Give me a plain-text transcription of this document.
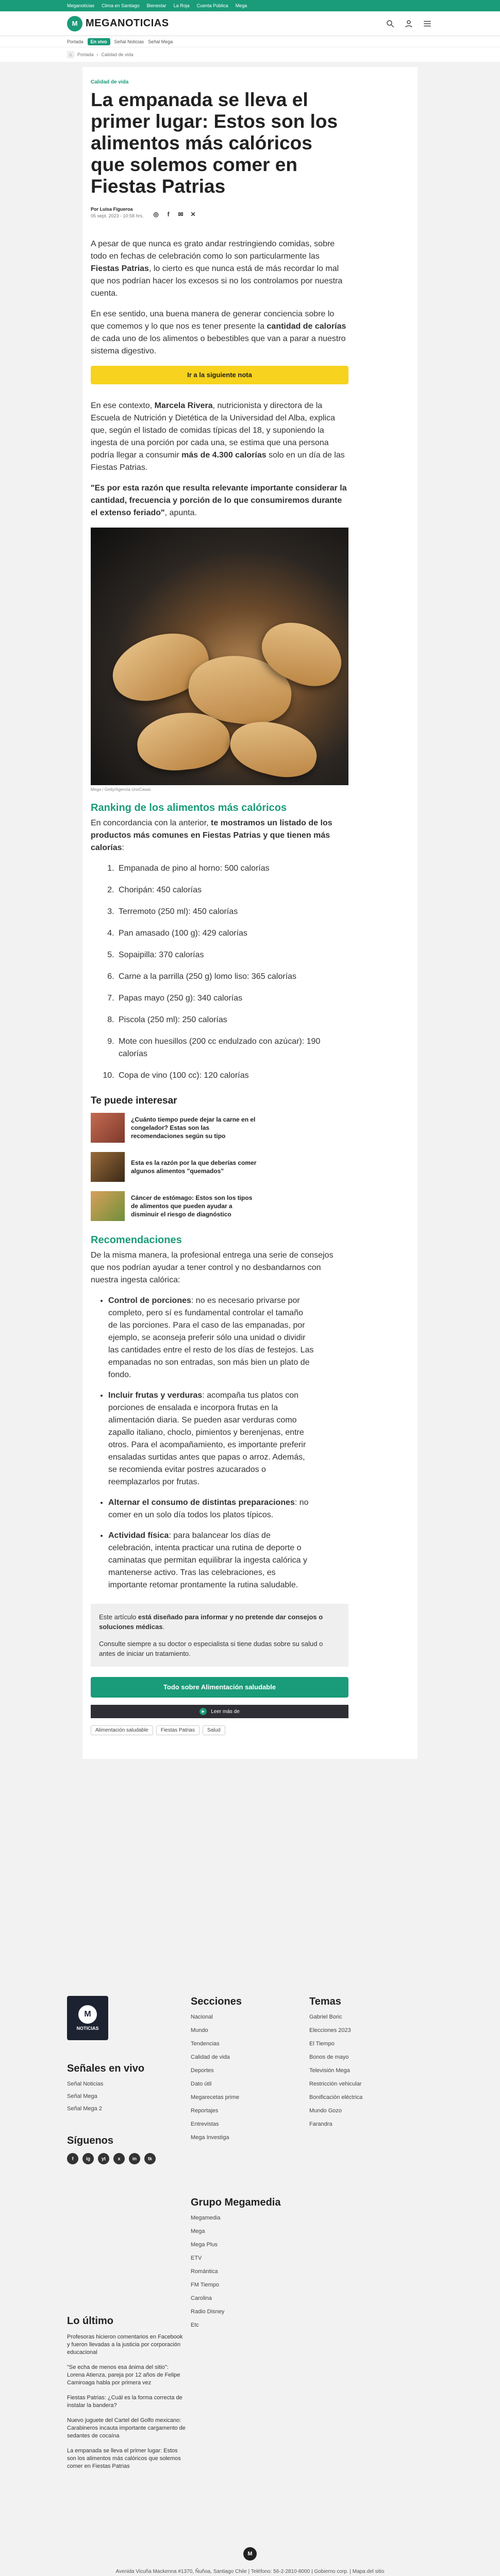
Meganoticias Clima en Santiago Bienestar La Roja Cuenta Pública Mega
M MEGANOTICIAS
Portada	En vivo	Señal Noticias Señal Mega
⌂	Portada › Calidad de vida
Calidad de vida
La empanada se lleva el primer lugar: Estos son los alimentos más calóricos que solemos comer en Fiestas Patrias
Por Luisa Figueroa
05 sept. 2023 - 10:58 hrs. ◎	f	✉ ✕

A pesar de que nunca es grato andar restringiendo comidas, sobre todo en fechas de celebración como lo son particularmente las Fiestas Patrias, lo cierto es que nunca está de más recordar lo mal que nos podrían hacer los excesos si no los controlamos por nuestra cuenta.

En ese sentido, una buena manera de generar conciencia sobre lo que comemos y lo que nos es tener presente la cantidad de calorías de cada uno de los alimentos o bebestibles que van a parar a nuestro sistema digestivo.

Ir a la siguiente nota

En ese contexto, Marcela Rivera, nutricionista y directora de la Escuela de Nutrición y Dietética de la Universidad del Alba, explica que, según el listado de comidas típicas del 18, y suponiendo la ingesta de una porción por cada una, se estima que una persona podría llegar a consumir más de 4.300 calorías solo en un día de las Fiestas Patrias.

"Es por esta razón que resulta relevante importante considerar la cantidad, frecuencia y porción de lo que consumiremos durante el extenso feriado", apunta.

Mega / Getty/Agencia UnoCasas
Ranking de los alimentos más calóricos

En concordancia con la anterior, te mostramos un listado de los productos más comunes en Fiestas Patrias y que tienen más calorías:

1. Empanada de pino al horno: 500 calorías
2. Choripán: 450 calorías
3. Terremoto (250 ml): 450 calorías
4. Pan amasado (100 g): 429 calorías
5. Sopaipilla: 370 calorías
6. Carne a la parrilla (250 g) lomo liso: 365 calorías
7. Papas mayo (250 g): 340 calorías
8. Piscola (250 ml): 250 calorías
9. Mote con huesillos (200 cc endulzado con azúcar): 190 calorías
10. Copa de vino (100 cc): 120 calorías
Te puede interesar
¿Cuánto tiempo puede dejar la carne en el congelador? Estas son las recomendaciones según su tipo
Esta es la razón por la que deberías comer algunos alimentos "quemados"
Cáncer de estómago: Estos son los tipos de alimentos que pueden ayudar a disminuir el riesgo de diagnóstico
Recomendaciones

De la misma manera, la profesional entrega una serie de consejos que nos podrían ayudar a tener control y no desbandarnos con nuestra ingesta calórica:

• Control de porciones: no es necesario privarse por completo, pero sí es fundamental controlar el tamaño de las porciones. Para el caso de las empanadas, por ejemplo, se aconseja preferir sólo una unidad o dividir las cantidades entre el resto de los días de festejos. Las empanadas no son entradas, son más bien un plato de fondo.
• Incluir frutas y verduras: acompaña tus platos con porciones de ensalada e incorpora frutas en la alimentación diaria. Se pueden asar verduras como zapallo italiano, choclo, pimientos y berenjenas, entre otros. Para el acompañamiento, es importante preferir ensaladas surtidas antes que papas o arroz. Además, se recomienda evitar postres azucarados o reemplazarlos por frutas.
• Alternar el consumo de distintas preparaciones: no comer en un solo día todos los platos típicos.
• Actividad física: para balancear los días de celebración, intenta practicar una rutina de deporte o caminatas que permitan equilibrar la ingesta calórica y mantenerse activo. Tras las celebraciones, es importante retomar prontamente la rutina saludable.

Este artículo está diseñado para informar y no pretende dar consejos o soluciones médicas.

Consulte siempre a su doctor o especialista si tiene dudas sobre su salud o antes de iniciar un tratamiento.

Todo sobre Alimentación saludable
▶	Leer más de
Alimentación saludable	Fiestas Patrias	Salud
M
NOTICIAS
Señales en vivo
Señal Noticias
Señal Mega
Señal Mega 2
Síguenos
f	ig	yt	x	in	tk
Lo último
Profesoras hicieron comentarios en Facebook y fueron llevadas a la justicia por corporación educacional
"Se echa de menos esa ánima del sitio": Lorena Atienza, pareja por 12 años de Felipe Camiroaga habla por primera vez
Fiestas Patrias: ¿Cuál es la forma correcta de instalar la bandera?
Nuevo juguete del Cartel del Golfo mexicano: Carabineros incauta importante cargamento de sedantes de cocaína
La empanada se lleva el primer lugar: Estos son los alimentos más calóricos que solemos comer en Fiestas Patrias
Secciones
Nacional
Mundo
Tendencias
Calidad de vida
Deportes
Dato útil
Megarecetas prime
Reportajes
Entrevistas
Mega Investiga
Grupo Megamedia
Megamedia
Mega
Mega Plus
ETV
Romántica
FM Tiempo
Carolina
Radio Disney
Etc
Temas
Gabriel Boric
Elecciones 2023
El Tiempo
Bonos de mayo
Televisión Mega
Restricción vehicular
Bonificación eléctrica
Mundo Gozo
Farandra
M

Avenida Vicuña Mackenna #1370, Ñuñoa, Santiago Chile | Teléfono: 56-2-2810-8000 | Gobierno corp. | Mapa del sitio
